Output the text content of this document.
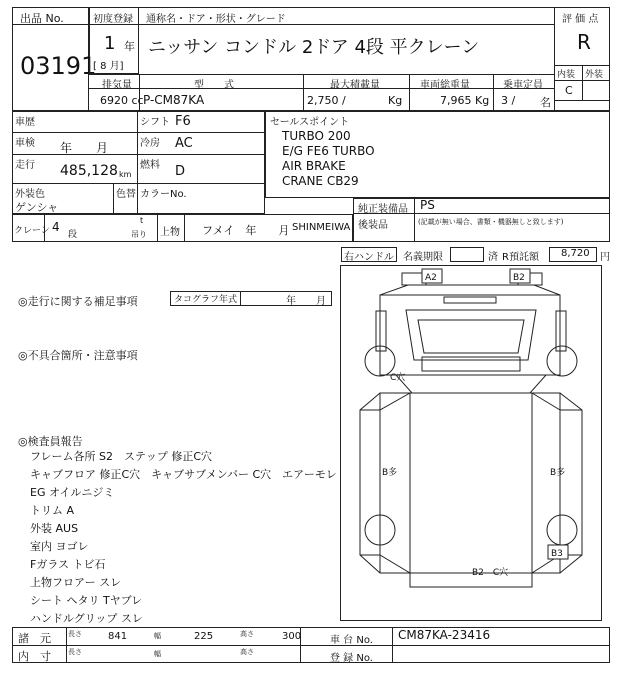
出品 No.
03191
初度登録
1 年
[ 8 月]
通称名・ドア・形状・グレード
ニッサン コンドル 2ドア 4段 平クレーン
評 価 点
R
内装 外装
C
排気量
6920 cc
型　　式
P-CM87KA
最大積載量
2,750 /	Kg
車両総重量
7,965 Kg
乗車定員
3 / 名
車歴
車検 年　　月
走行 485,128 km
シフト F6
冷房 AC
燃料 D
外装色
ゲンシャ
色替 カラーNo.
クレーン 4
段
t
吊り 上物 フメイ　年　　月 SHINMEIWA
セールスポイント
TURBO 200
E/G FE6 TURBO
AIR BRAKE
CRANE CB29
純正装備品 PS
後装品	(記載が無い場合、書類・機器無しと致します)
右ハンドル 名義期限	済 R預託額 8,720 円
◎走行に関する補足事項	タコグラフ年式	年　　月
◎不具合箇所・注意事項
◎検査員報告
フレーム各所 S2　ステップ 修正C穴
キャブフロア 修正C穴　キャブサブメンバー C穴　エアーモレ
EG オイルニジミ
トリム A
外装 AUS
室内 ヨゴレ
Fガラス トビ石
上物フロアー スレ
シート ヘタリ Tヤブレ
ハンドルグリップ スレ
A2	B2
C穴
B多	B多
B3
B2　C穴
諸　元
内　寸
長さ	841	幅	225	高さ	300
長さ	幅	高さ
車 台 No. CM87KA-23416
登 録 No.
